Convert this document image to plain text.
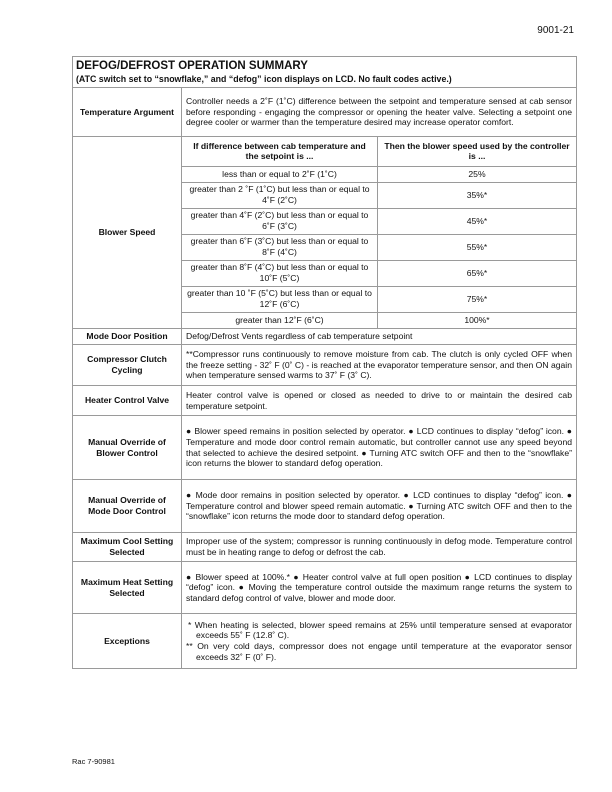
9001-21
DEFOG/DEFROST OPERATION SUMMARY
(ATC switch set to “snowflake,” and “defog” icon displays on LCD. No fault codes active.)

Temperature Argument	Controller needs a 2˚F (1˚C) difference between the setpoint and temperature sensed at cab sensor before responding - engaging the compressor or opening the heater valve. Selecting a setpoint one degree cooler or warmer than the temperature desired may increase operator comfort.
Blower Speed	
If difference between cab temperature and the setpoint is ...	Then the blower speed used by the controller is ...
less than or equal to 2˚F (1˚C)	25%
greater than 2 ˚F (1˚C) but less than or equal to 4˚F (2˚C)	35%*
greater than 4˚F (2˚C) but less than or equal to 6˚F (3˚C)	45%*
greater than 6˚F (3˚C) but less than or equal to 8˚F (4˚C)	55%*
greater than 8˚F (4˚C) but less than or equal to 10˚F (5˚C)	65%*
greater than 10 ˚F (5˚C) but less than or equal to 12˚F (6˚C)	75%*
greater than 12˚F (6˚C)	100%*

Mode Door Position	Defog/Defrost Vents regardless of cab temperature setpoint
Compressor Clutch Cycling	**Compressor runs continuously to remove moisture from cab. The clutch is only cycled OFF when the freeze setting - 32˚ F (0˚ C) - is reached at the evaporator temperature sensor, and then ON again when temperature sensed warms to 37˚ F (3˚ C).
Heater Control Valve	Heater control valve is opened or closed as needed to drive to or maintain the desired cab temperature setpoint.
Manual Override of Blower Control	● Blower speed remains in position selected by operator. ● LCD continues to display “defog” icon. ● Temperature and mode door control remain automatic, but controller cannot use any speed beyond that selected to achieve the desired setpoint. ● Turning ATC switch OFF and then to the “snowflake” icon returns the blower to standard defog operation.
Manual Override of Mode Door Control	● Mode door remains in position selected by operator. ● LCD continues to display “defog” icon. ● Temperature control and blower speed remain automatic. ● Turning ATC switch OFF and then to the “snowflake” icon returns the mode door to standard defog operation.
Maximum Cool Setting Selected	Improper use of the system; compressor is running continuously in defog mode. Temperature control must be in heating range to defog or defrost the cab.
Maximum Heat Setting Selected	● Blower speed at 100%.* ● Heater control valve at full open position ● LCD continues to display “defog” icon. ● Moving the temperature control outside the maximum range returns the system to standard defog control of valve, blower and mode door.
Exceptions	
* When heating is selected, blower speed remains at 25% until temperature sensed at evaporator exceeds 55˚ F (12.8˚ C).
** On very cold days, compressor does not engage until temperature at the evaporator sensor exceeds 32˚ F (0˚ F).
Rac 7-90981
